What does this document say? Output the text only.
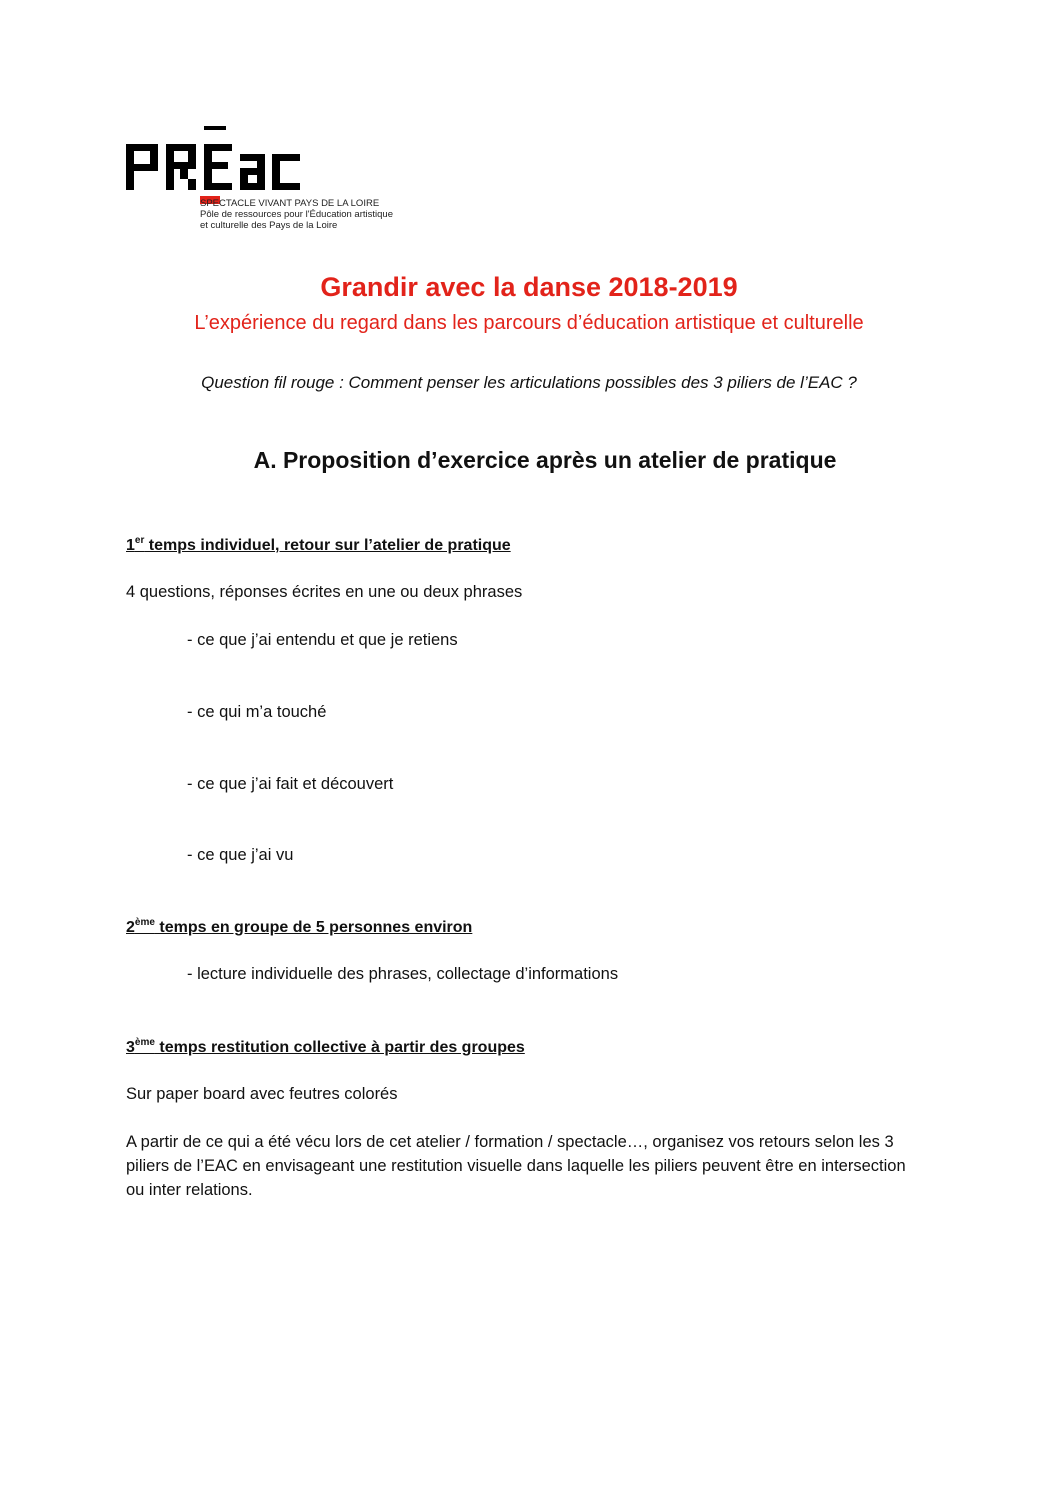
SPECTACLE VIVANT PAYS DE LA LOIRE
Pôle de ressources pour l'Éducation artistique
et culturelle des Pays de la Loire
Grandir avec la danse 2018-2019
L’expérience du regard dans les parcours d’éducation artistique et culturelle
Question fil rouge : Comment penser les articulations possibles des 3 piliers de l’EAC ?
A. Proposition d’exercice après un atelier de pratique
1er temps individuel, retour sur l’atelier de pratique
4 questions, réponses écrites en une ou deux phrases
- ce que j’ai entendu et que je retiens
- ce qui m’a touché
- ce que j’ai fait et découvert
- ce que j’ai vu
2ème temps en groupe de 5 personnes environ
- lecture individuelle des phrases, collectage d’informations
3ème temps restitution collective à partir des groupes
Sur paper board avec feutres colorés
A partir de ce qui a été vécu lors de cet atelier / formation / spectacle…, organisez vos retours selon les 3 piliers de l’EAC en envisageant une restitution visuelle dans laquelle les piliers peuvent être en intersection ou inter relations.
